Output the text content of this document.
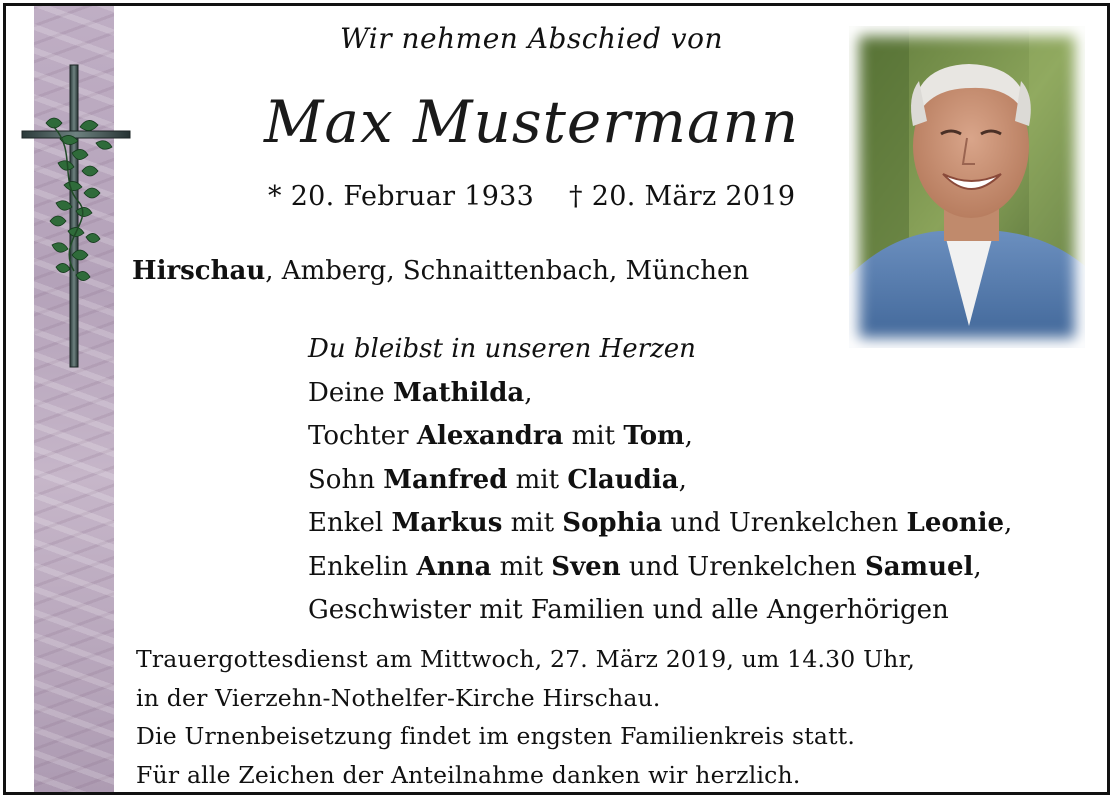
Wir nehmen Abschied von
Max Mustermann
* 20. Februar 1933 † 20. März 2019
Hirschau, Amberg, Schnaittenbach, München
Du bleibst in unseren Herzen
Deine Mathilda,
Tochter Alexandra mit Tom,
Sohn Manfred mit Claudia,
Enkel Markus mit Sophia und Urenkelchen Leonie,
Enkelin Anna mit Sven und Urenkelchen Samuel,
Geschwister mit Familien und alle Angerhörigen
Trauergottesdienst am Mittwoch, 27. März 2019, um 14.30 Uhr,
in der Vierzehn-Nothelfer-Kirche Hirschau.
Die Urnenbeisetzung findet im engsten Familienkreis statt.
Für alle Zeichen der Anteilnahme danken wir herzlich.
